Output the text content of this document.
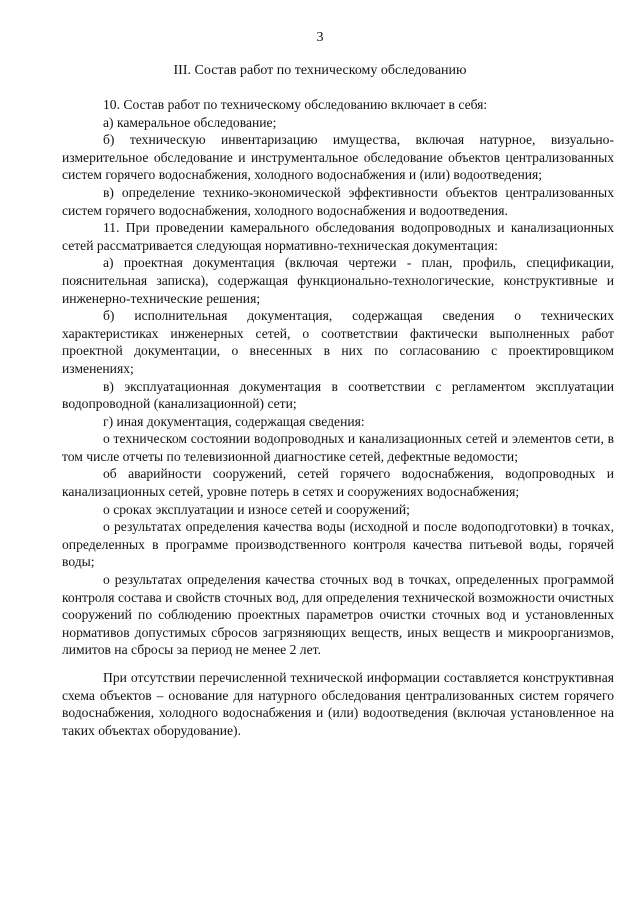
3
III. Состав работ по техническому обследованию

10. Состав работ по техническому обследованию включает в себя:

а) камеральное обследование;

б) техническую инвентаризацию имущества, включая натурное, визуально-измерительное обследование и инструментальное обследование объектов централизованных систем горячего водоснабжения, холодного водоснабжения и (или) водоотведения;

в) определение технико-экономической эффективности объектов централизованных систем горячего водоснабжения, холодного водоснабжения и водоотведения.

11. При проведении камерального обследования водопроводных и канализационных сетей рассматривается следующая нормативно-техническая документация:

а) проектная документация (включая чертежи - план, профиль, спецификации, пояснительная записка), содержащая функционально-технологические, конструктивные и инженерно-технические решения;

б) исполнительная документация, содержащая сведения о технических характеристиках инженерных сетей, о соответствии фактически выполненных работ проектной документации, о внесенных в них по согласованию с проектировщиком изменениях;

в) эксплуатационная документация в соответствии с регламентом эксплуатации водопроводной (канализационной) сети;

г) иная документация, содержащая сведения:

о техническом состоянии водопроводных и канализационных сетей и элементов сети, в том числе отчеты по телевизионной диагностике сетей, дефектные ведомости;

об аварийности сооружений, сетей горячего водоснабжения, водопроводных и канализационных сетей, уровне потерь в сетях и сооружениях водоснабжения;

о сроках эксплуатации и износе сетей и сооружений;

о результатах определения качества воды (исходной и после водоподготовки) в точках, определенных в программе производственного контроля качества питьевой воды, горячей воды;

о результатах определения качества сточных вод в точках, определенных программой контроля состава и свойств сточных вод, для определения технической возможности очистных сооружений по соблюдению проектных параметров очистки сточных вод и установленных нормативов допустимых сбросов загрязняющих веществ, иных веществ и микроорганизмов, лимитов на сбросы за период не менее 2 лет.

При отсутствии перечисленной технической информации составляется конструктивная схема объектов – основание для натурного обследования централизованных систем горячего водоснабжения, холодного водоснабжения и (или) водоотведения (включая установленное на таких объектах оборудование).
